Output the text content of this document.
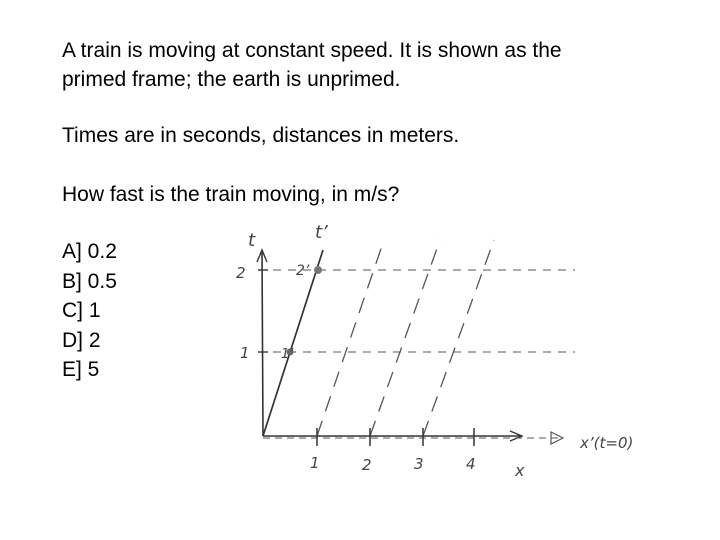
A train is moving at constant speed. It is shown as the
primed frame; the earth is unprimed.
Times are in seconds, distances in meters.
How fast is the train moving, in m/s?
A] 0.2
B] 0.5
C] 1
D] 2
E] 5
t	t’
x
x’(t=0)
1
2
1’
2’
1	2	3	4
